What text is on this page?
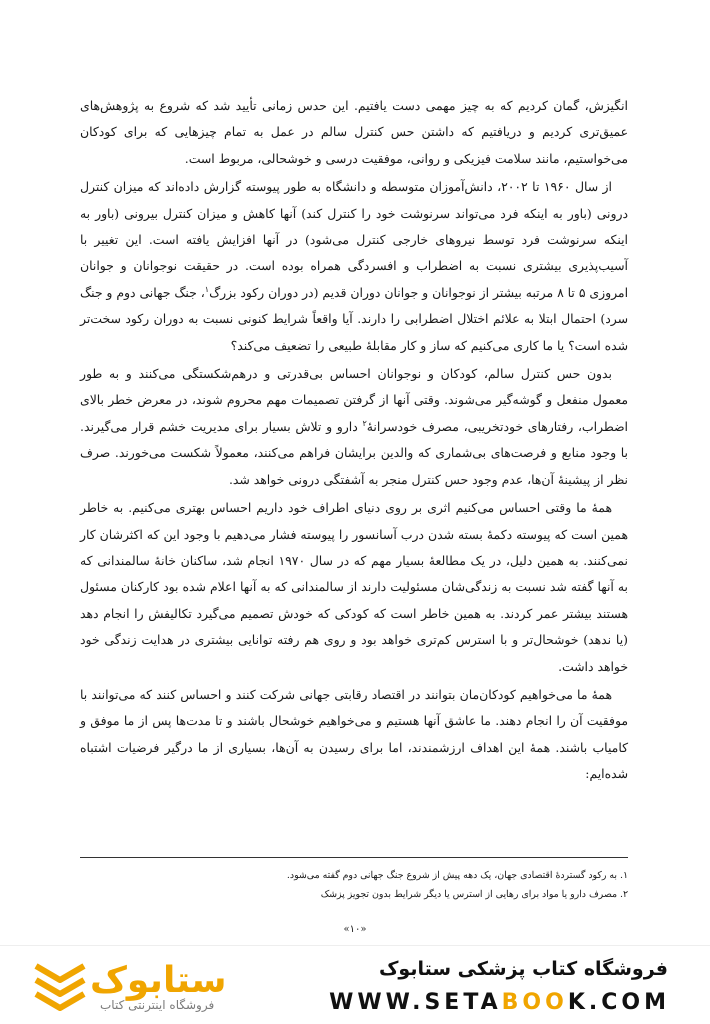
انگیزش، گمان کردیم که به چیز مهمی دست یافتیم. این حدس زمانی تأیید شد که شروع به پژوهش‌های عمیق‌تری کردیم و دریافتیم که داشتن حس کنترل سالم در عمل به تمام چیزهایی که برای کودکان می‌خواستیم، مانند سلامت فیزیکی و روانی، موفقیت درسی و خوشحالی، مربوط است.

از سال ۱۹۶۰ تا ۲۰۰۲، دانش‌آموزان متوسطه و دانشگاه به طور پیوسته گزارش داده‌اند که میزان کنترل درونی (باور به اینکه فرد می‌تواند سرنوشت خود را کنترل کند) آنها کاهش و میزان کنترل بیرونی (باور به اینکه سرنوشت فرد توسط نیروهای خارجی کنترل می‌شود) در آنها افزایش یافته است. این تغییر با آسیب‌پذیری بیشتری نسبت به اضطراب و افسردگی همراه بوده است. در حقیقت نوجوانان و جوانان امروزی ۵ تا ۸ مرتبه بیشتر از نوجوانان و جوانان دوران قدیم (در دوران رکود بزرگ$^۱$، جنگ جهانی دوم و جنگ سرد) احتمال ابتلا به علائم اختلال اضطرابی را دارند. آیا واقعاً شرایط کنونی نسبت به دوران رکود سخت‌تر شده است؟ یا ما کاری می‌کنیم که ساز و کار مقابلهٔ طبیعی را تضعیف می‌کند؟

بدون حس کنترل سالم، کودکان و نوجوانان احساس بی‌قدرتی و درهم‌شکستگی می‌کنند و به طور معمول منفعل و گوشه‌گیر می‌شوند. وقتی آنها از گرفتن تصمیمات مهم محروم شوند، در معرض خطر بالای اضطراب، رفتارهای خودتخریبی، مصرف خودسرانهٔ$^۲$ دارو و تلاش بسیار برای مدیریت خشم قرار می‌گیرند. با وجود منابع و فرصت‌های بی‌شماری که والدین برایشان فراهم می‌کنند، معمولاً شکست می‌خورند. صرف نظر از پیشینهٔ آن‌ها، عدم وجود حس کنترل منجر به آشفتگی درونی خواهد شد.

همهٔ ما وقتی احساس می‌کنیم اثری بر روی دنیای اطراف خود داریم احساس بهتری می‌کنیم. به خاطر همین است که پیوسته دکمهٔ بسته شدن درب آسانسور را پیوسته فشار می‌دهیم با وجود این که اکثرشان کار نمی‌کنند. به همین دلیل، در یک مطالعهٔ بسیار مهم که در سال ۱۹۷۰ انجام شد، ساکنان خانهٔ سالمندانی که به آنها گفته شد نسبت به زندگی‌شان مسئولیت دارند از سالمندانی که به آنها اعلام شده بود کارکنان مسئول هستند بیشتر عمر کردند. به همین خاطر است که کودکی که خودش تصمیم می‌گیرد تکالیفش را انجام دهد (یا ندهد) خوشحال‌تر و با استرس کم‌تری خواهد بود و روی هم رفته توانایی بیشتری در هدایت زندگی خود خواهد داشت.

همهٔ ما می‌خواهیم کودکان‌مان بتوانند در اقتصاد رقابتی جهانی شرکت کنند و احساس کنند که می‌توانند با موفقیت آن را انجام دهند. ما عاشق آنها هستیم و می‌خواهیم خوشحال باشند و تا مدت‌ها پس از ما موفق و کامیاب باشند. همهٔ این اهداف ارزشمندند، اما برای رسیدن به آن‌ها، بسیاری از ما درگیر فرضیات اشتباه شده‌ایم:

۱. به رکود گستردهٔ اقتصادی جهان، یک دهه پیش از شروع جنگ جهانی دوم گفته می‌شود.
۲. مصرف دارو یا مواد برای رهایی از استرس یا دیگر شرایط بدون تجویز پزشک
«۱۰»
ستابوک
فروشگاه اینترنتی کتاب
فروشگاه کتاب پزشکی ستابوک
WWW.SETABOOK.COM
